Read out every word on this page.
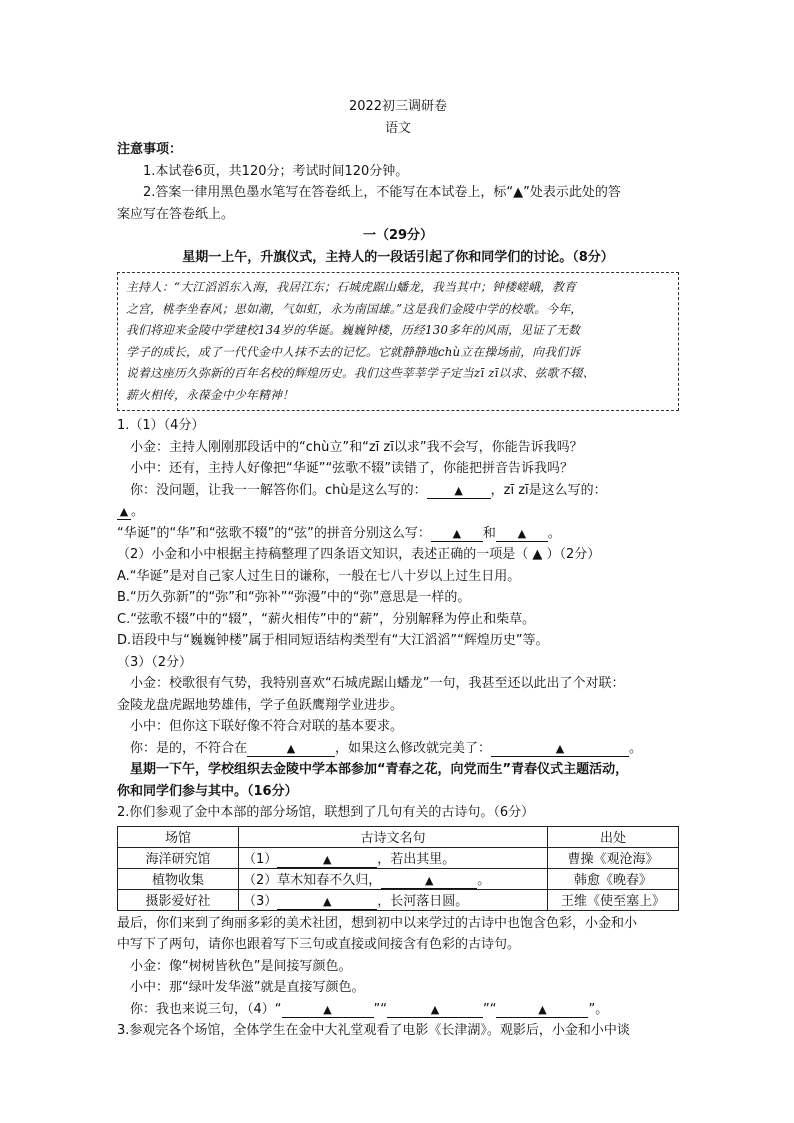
2022初三调研卷
语文
注意事项：
1.本试卷6页，共120分；考试时间120分钟。
2.答案一律用黑色墨水笔写在答卷纸上，不能写在本试卷上，标“▲”处表示此处的答
案应写在答卷纸上。
一（29分）
星期一上午，升旗仪式，主持人的一段话引起了你和同学们的讨论。（8分）
主持人：“大江滔滔东入海，我居江东；石城虎踞山蟠龙，我当其中；钟楼嵯峨，教育
之宫，桃李坐春风；思如潮，气如虹，永为南国雄。”这是我们金陵中学的校歌。今年，
我们将迎来金陵中学建校134岁的华诞。巍巍钟楼，历经130多年的风雨，见证了无数
学子的成长，成了一代代金中人抹不去的记忆。它就静静地chù立在操场前，向我们诉
说着这座历久弥新的百年名校的辉煌历史。我们这些莘莘学子定当zī zī以求、弦歌不辍、
薪火相传，永葆金中少年精神！
1.（1）（4分）
小金：主持人刚刚那段话中的“chù立”和“zī zī以求”我不会写，你能告诉我吗？
小中：还有，主持人好像把“华诞”“弦歌不辍”读错了，你能把拼音告诉我吗？
你：没问题，让我一一解答你们。chù是这么写的：	▲ ，zī zī是这么写的：
▲ 。
“华诞”的“华”和“弦歌不辍”的“弦”的拼音分别这么写： ▲ 和 ▲ 。
（2）小金和小中根据主持稿整理了四条语文知识，表述正确的一项是（ ▲ ）（2分）
A.“华诞”是对自己家人过生日的谦称，一般在七八十岁以上过生日用。
B.“历久弥新”的“弥”和“弥补”“弥漫”中的“弥”意思是一样的。
C.“弦歌不辍”中的“辍”，“薪火相传”中的“薪”，分别解释为停止和柴草。
D.语段中与“巍巍钟楼”属于相同短语结构类型有“大江滔滔”“辉煌历史”等。
（3）（2分）
小金：校歌很有气势，我特别喜欢“石城虎踞山蟠龙”一句，我甚至还以此出了个对联：
金陵龙盘虎踞地势雄伟，学子鱼跃鹰翔学业进步。
小中：但你这下联好像不符合对联的基本要求。
你：是的，不符合在	▲	，如果这么修改就完美了：	▲	。
星期一下午，学校组织去金陵中学本部参加“青春之花，向党而生”青春仪式主题活动，
你和同学们参与其中。（16分）
2.你们参观了金中本部的部分场馆，联想到了几句有关的古诗句。（6分）
场馆	古诗文名句	出处
海洋研究馆	（1） ▲ ，若出其里。	曹操《观沧海》
植物收集	（2）草木知春不久归， ▲ 。	韩愈《晚春》
摄影爱好社	（3） ▲ ，长河落日圆。	王维《使至塞上》
最后，你们来到了绚丽多彩的美术社团，想到初中以来学过的古诗中也饱含色彩，小金和小
中写下了两句，请你也跟着写下三句或直接或间接含有色彩的古诗句。
小金：像“树树皆秋色”是间接写颜色。
小中：那“绿叶发华滋”就是直接写颜色。
你：我也来说三句，（4）“	▲	”“	▲	”“	▲	”。
3.参观完各个场馆，全体学生在金中大礼堂观看了电影《长津湖》。观影后，小金和小中谈
